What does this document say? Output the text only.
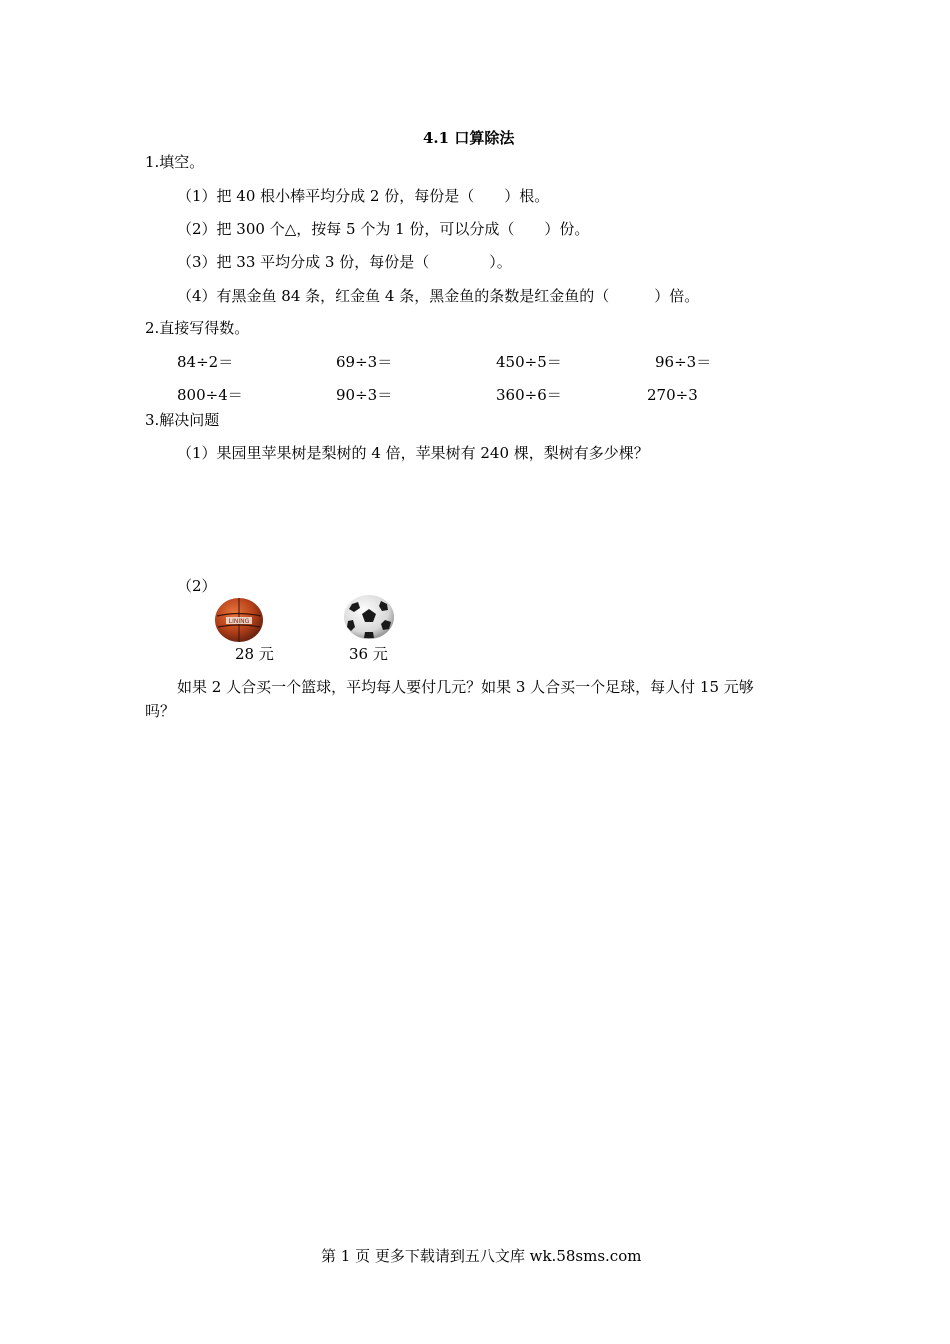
4.1 口算除法
1.填空。
（1）把 40 根小棒平均分成 2 份，每份是（　　）根。
（2）把 300 个△，按每 5 个为 1 份，可以分成（　　）份。
（3）把 33 平均分成 3 份，每份是（　　　　）。
（4）有黑金鱼 84 条，红金鱼 4 条，黑金鱼的条数是红金鱼的（　　　）倍。
2.直接写得数。
84÷2＝	69÷3＝	450÷5＝	96÷3＝
800÷4＝	90÷3＝	360÷6＝	270÷3
3.解决问题
（1）果园里苹果树是梨树的 4 倍，苹果树有 240 棵，梨树有多少棵？
（2）
LINING
28 元	36 元
如果 2 人合买一个篮球，平均每人要付几元？如果 3 人合买一个足球，每人付 15 元够
吗？
第 1 页 更多下载请到五八文库 wk.58sms.com
